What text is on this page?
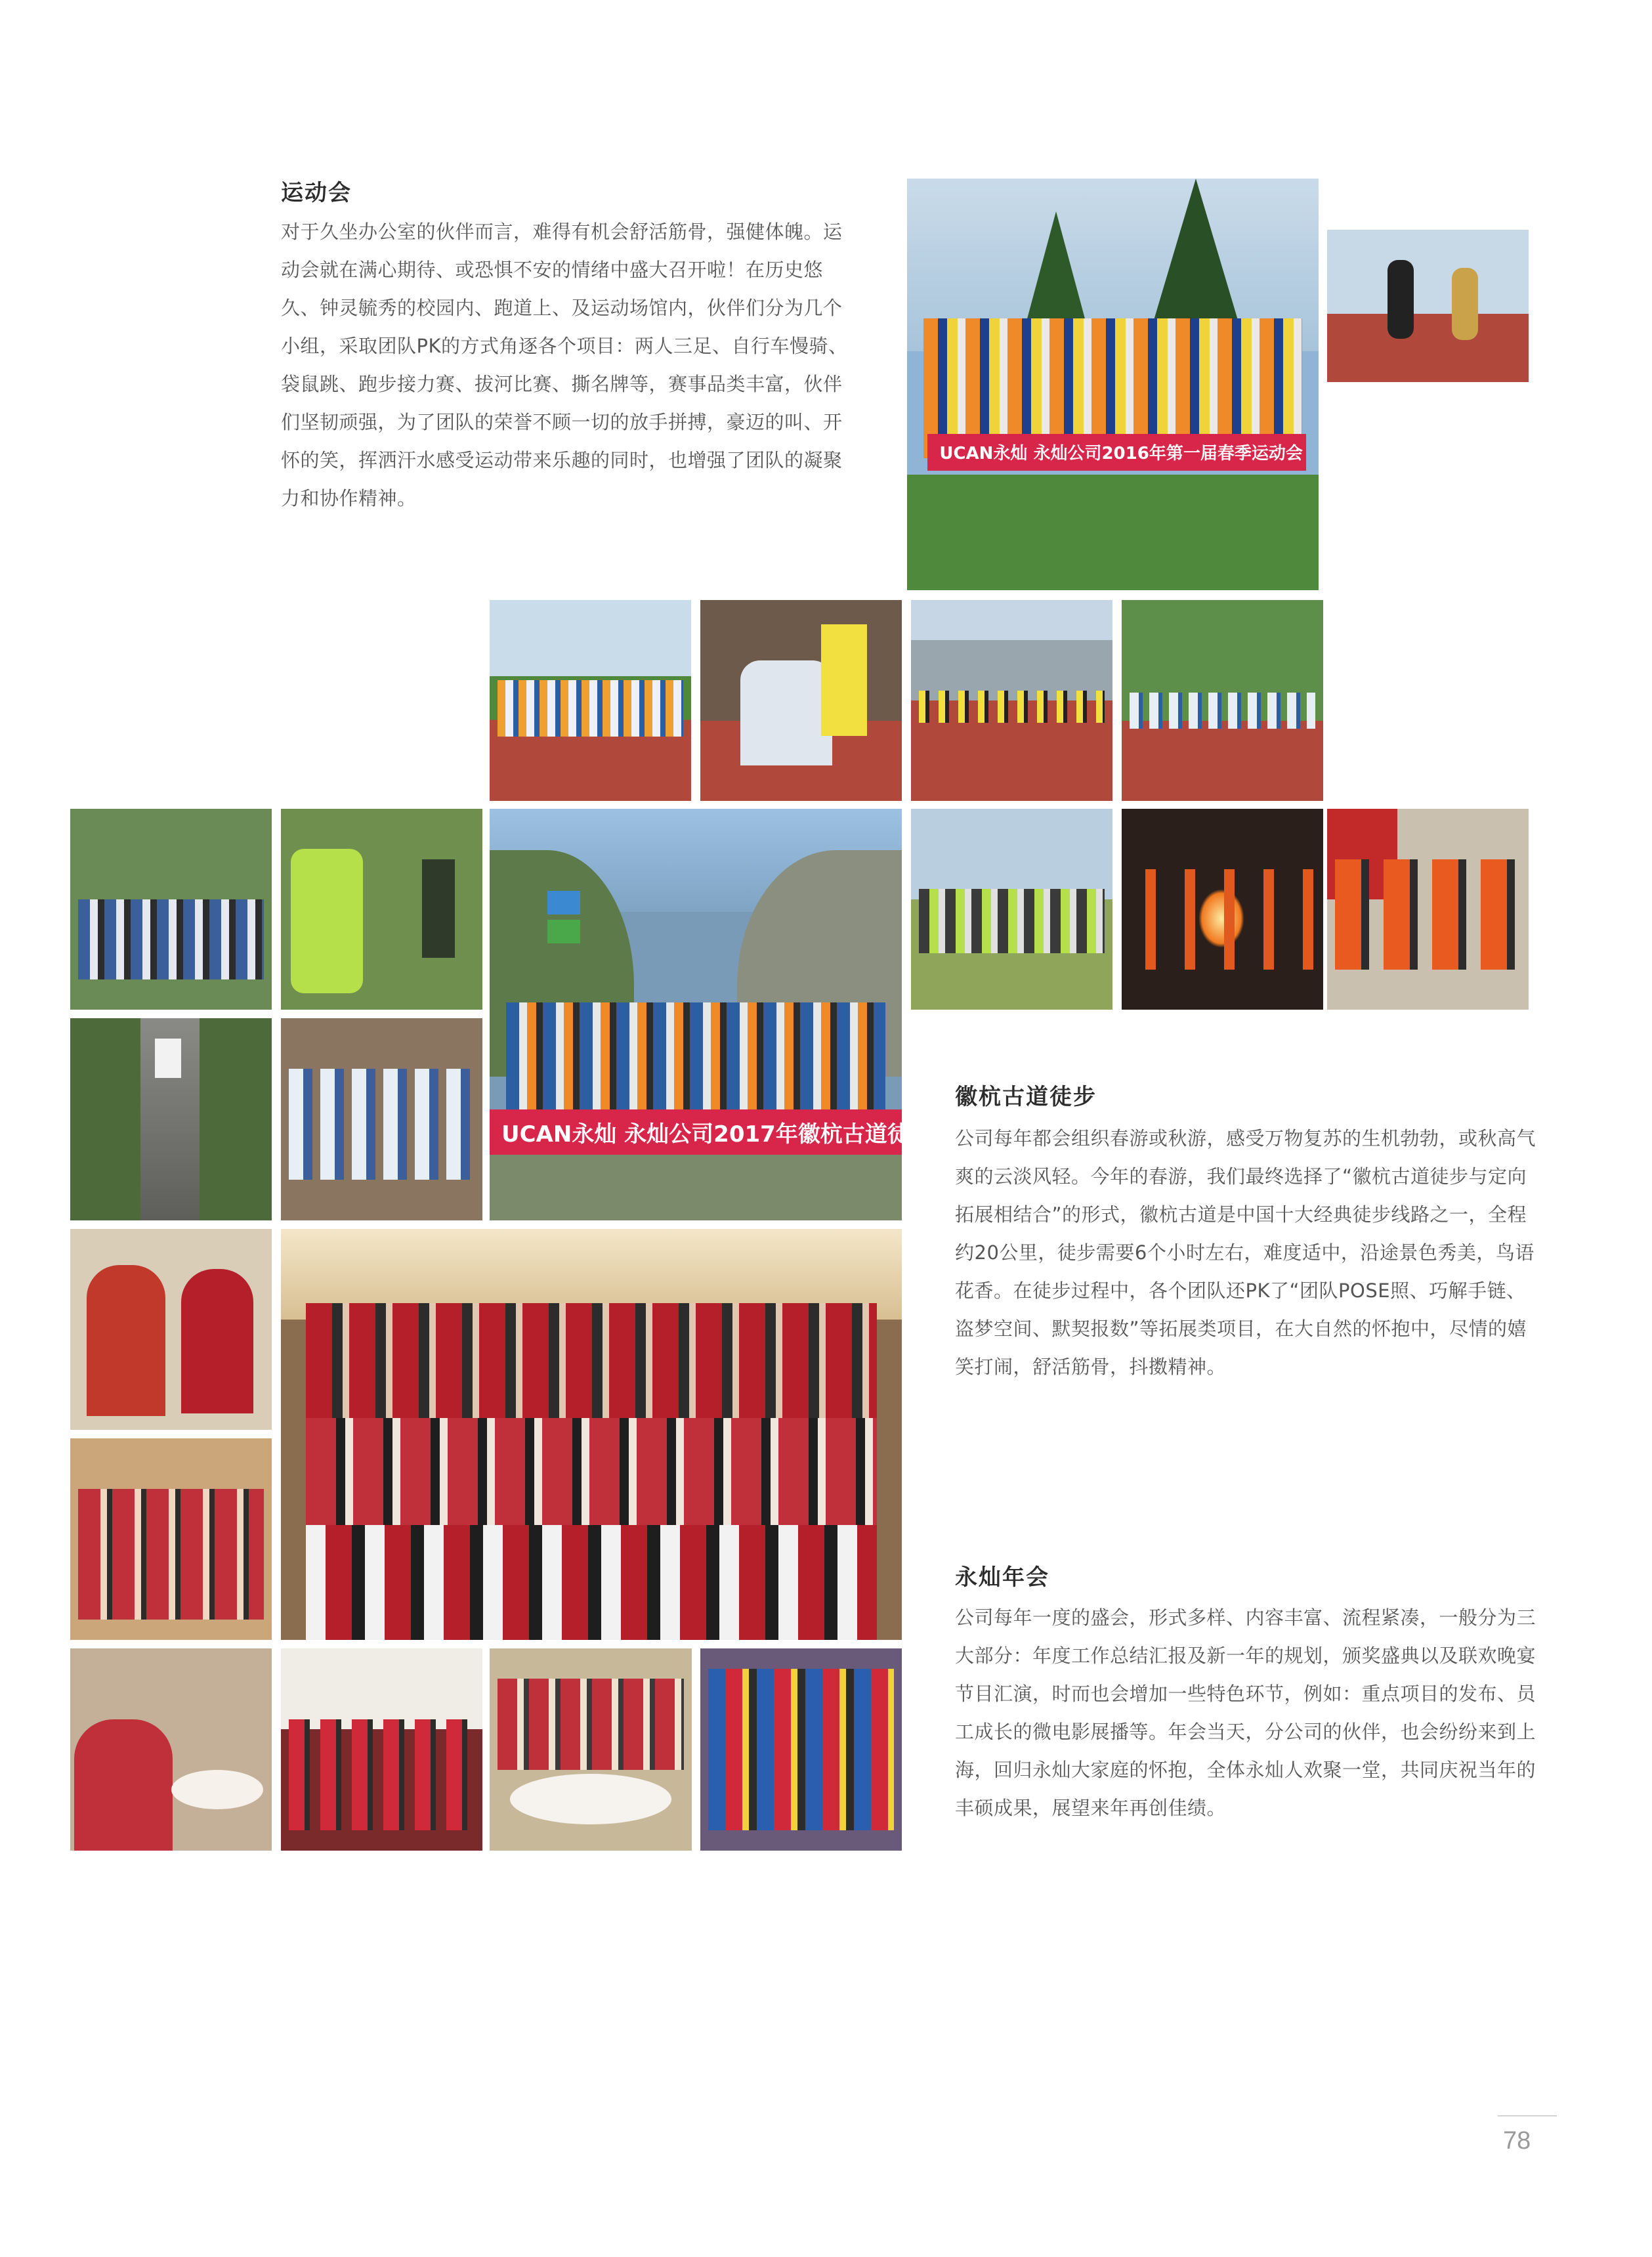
运动会

对于久坐办公室的伙伴而言，难得有机会舒活筋骨，强健体魄。运动会就在满心期待、或恐惧不安的情绪中盛大召开啦！在历史悠久、钟灵毓秀的校园内、跑道上、及运动场馆内，伙伴们分为几个小组，采取团队PK的方式角逐各个项目：两人三足、自行车慢骑、袋鼠跳、跑步接力赛、拔河比赛、撕名牌等，赛事品类丰富，伙伴们坚韧顽强，为了团队的荣誉不顾一切的放手拼搏，豪迈的叫、开怀的笑，挥洒汗水感受运动带来乐趣的同时，也增强了团队的凝聚力和协作精神。

徽杭古道徒步

公司每年都会组织春游或秋游，感受万物复苏的生机勃勃，或秋高气爽的云淡风轻。今年的春游，我们最终选择了“徽杭古道徒步与定向拓展相结合”的形式，徽杭古道是中国十大经典徒步线路之一，全程约20公里，徒步需要6个小时左右，难度适中，沿途景色秀美，鸟语花香。在徒步过程中，各个团队还PK了“团队POSE照、巧解手链、盗梦空间、默契报数”等拓展类项目，在大自然的怀抱中，尽情的嬉笑打闹，舒活筋骨，抖擞精神。

永灿年会

公司每年一度的盛会，形式多样、内容丰富、流程紧凑，一般分为三大部分：年度工作总结汇报及新一年的规划，颁奖盛典以及联欢晚宴节目汇演，时而也会增加一些特色环节，例如：重点项目的发布、员工成长的微电影展播等。年会当天，分公司的伙伴，也会纷纷来到上海，回归永灿大家庭的怀抱，全体永灿人欢聚一堂，共同庆祝当年的丰硕成果，展望来年再创佳绩。

UCAN永灿 永灿公司2016年第一届春季运动会
UCAN永灿 永灿公司2017年徽杭古道徒步穿

78
